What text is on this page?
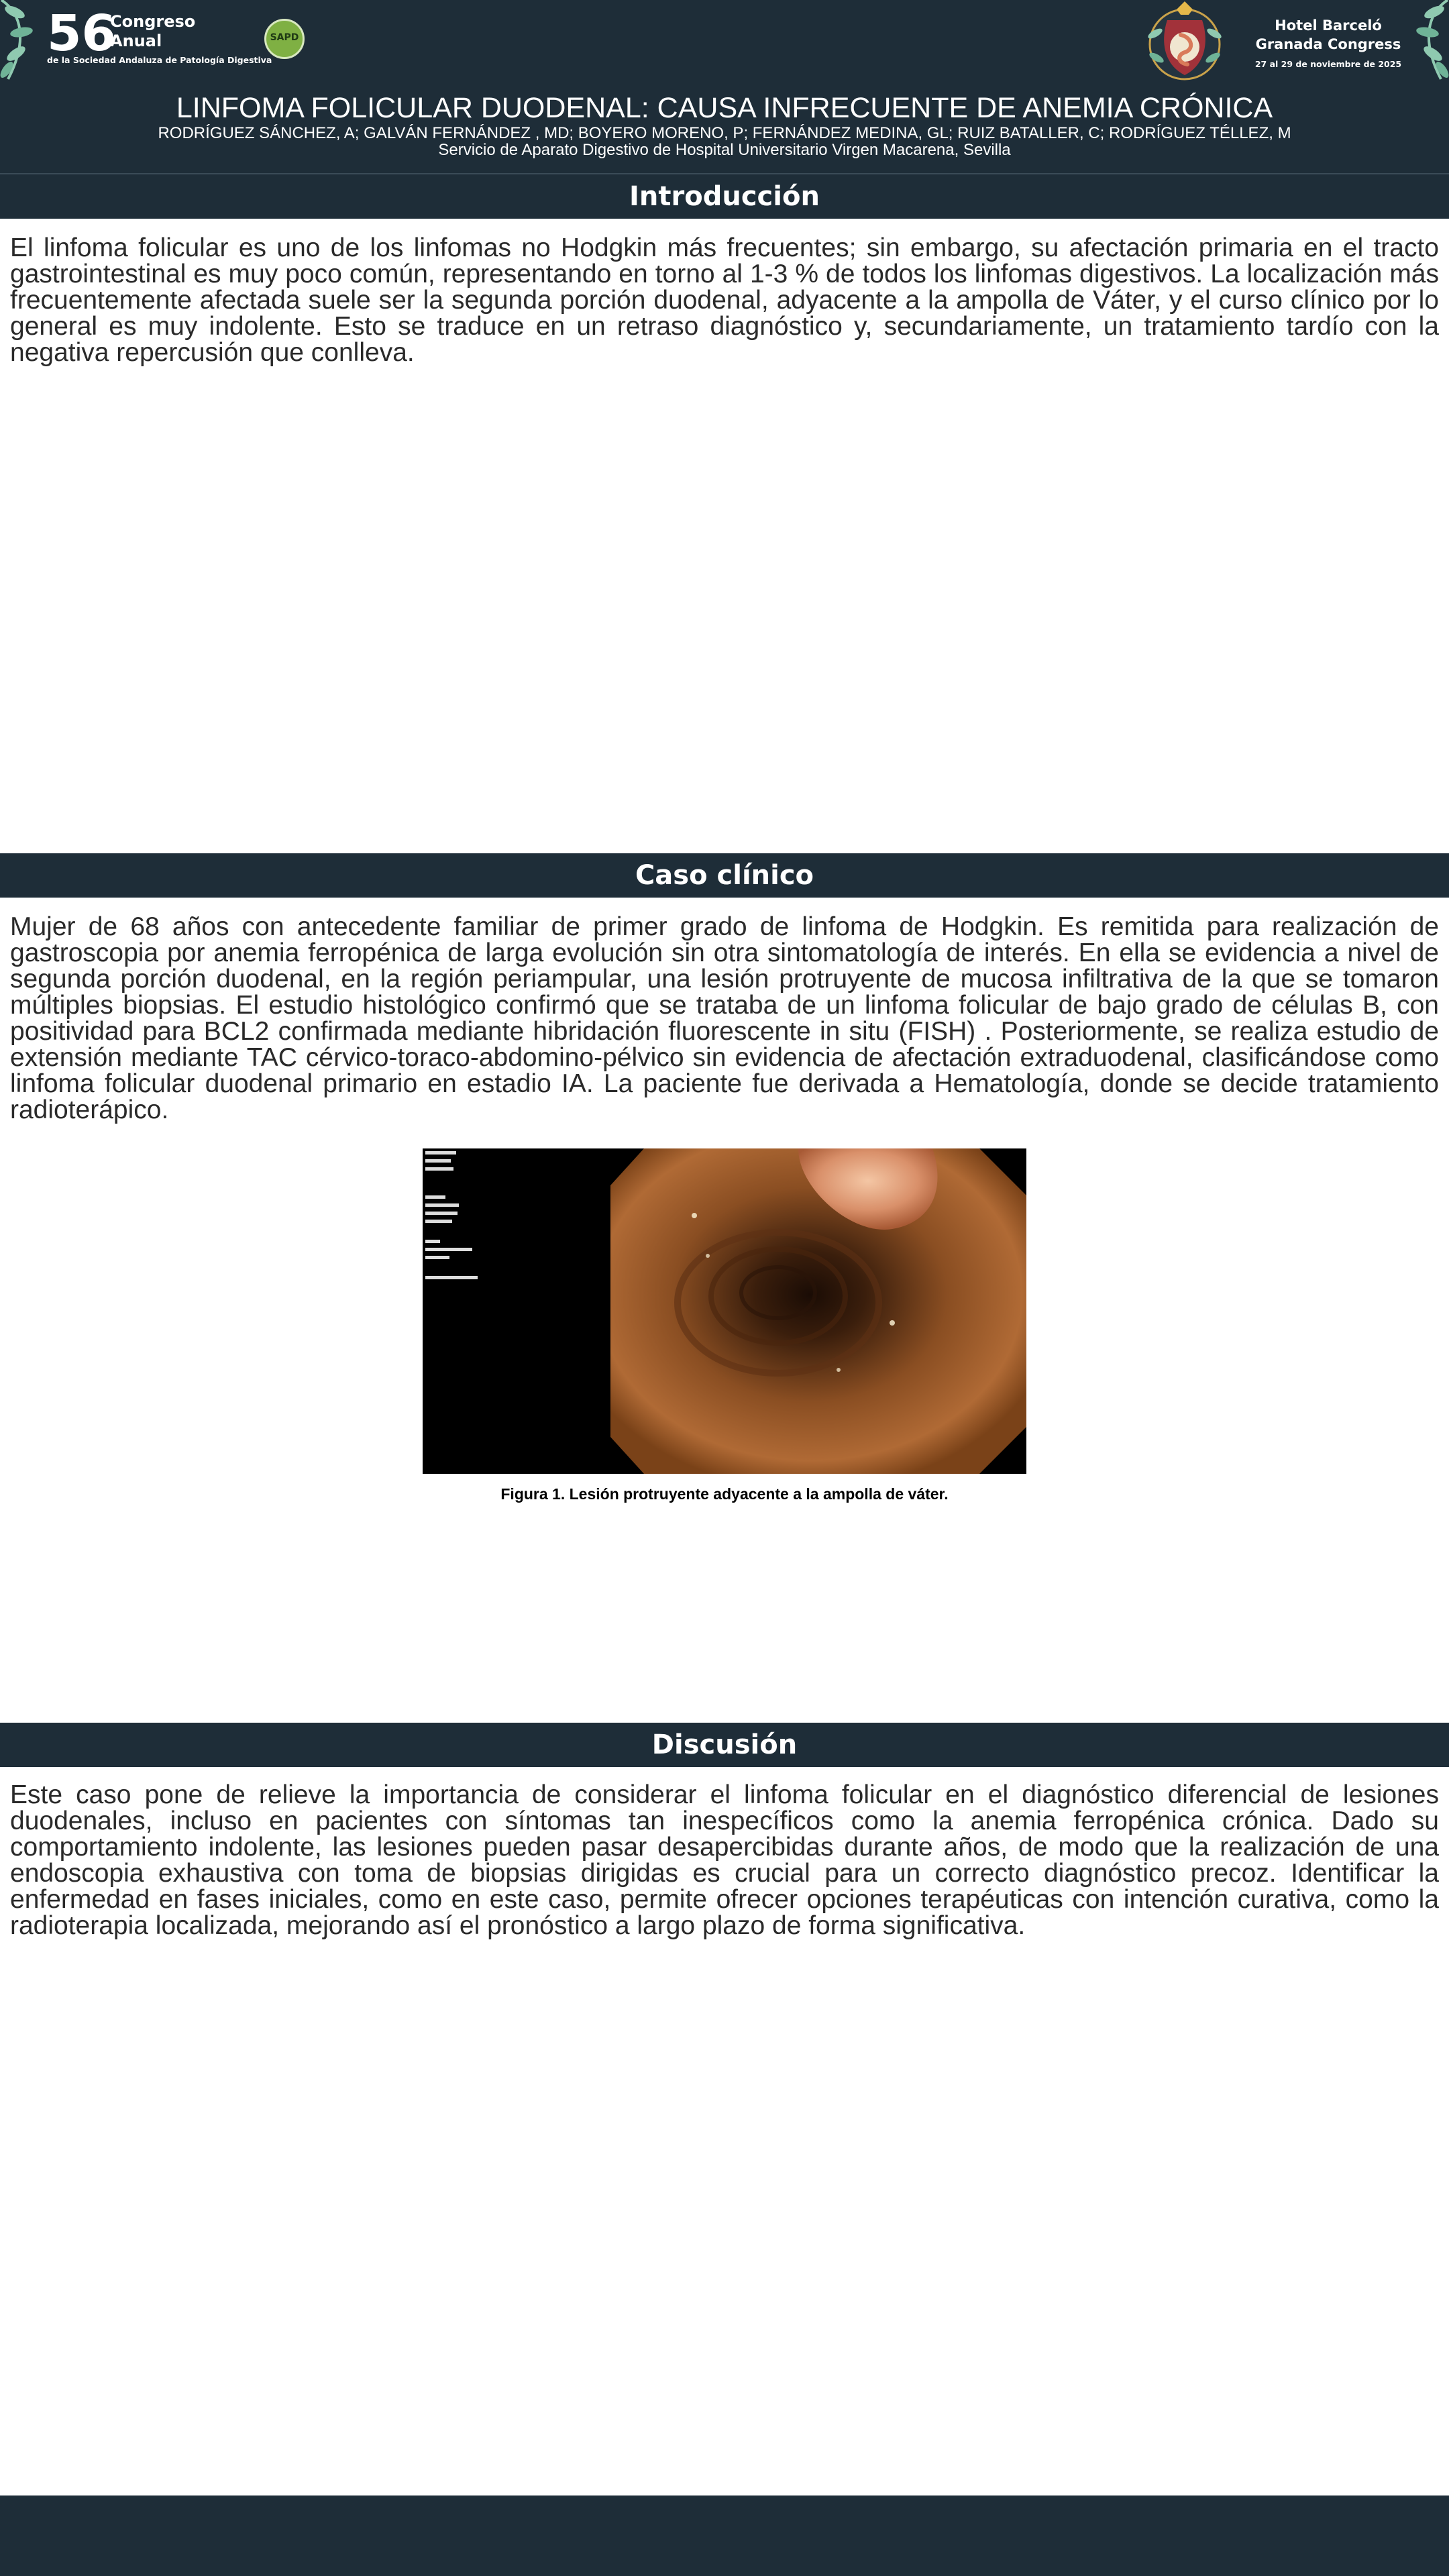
56
Congreso
Anual
de la Sociedad Andaluza de Patología Digestiva
SAPD
Hotel Barceló
Granada Congress
27 al 29 de noviembre de 2025
LINFOMA FOLICULAR DUODENAL: CAUSA INFRECUENTE DE ANEMIA CRÓNICA
RODRÍGUEZ SÁNCHEZ, A; GALVÁN FERNÁNDEZ , MD; BOYERO MORENO, P; FERNÁNDEZ MEDINA, GL; RUIZ BATALLER, C; RODRÍGUEZ TÉLLEZ, M
Servicio de Aparato Digestivo de Hospital Universitario Virgen Macarena, Sevilla
Introducción

El linfoma folicular es uno de los linfomas no Hodgkin más frecuentes; sin embargo, su afectación primaria en el tracto gastrointestinal es muy poco común, representando en torno al 1-3 % de todos los linfomas digestivos. La localización más frecuentemente afectada suele ser la segunda porción duodenal, adyacente a la ampolla de Váter, y el curso clínico por lo general es muy indolente. Esto se traduce en un retraso diagnóstico y, secundariamente, un tratamiento tardío con la negativa repercusión que conlleva.

Caso clínico

Mujer de 68 años con antecedente familiar de primer grado de linfoma de Hodgkin. Es remitida para realización de gastroscopia por anemia ferropénica de larga evolución sin otra sintomatología de interés. En ella se evidencia a nivel de segunda porción duodenal, en la región periampular, una lesión protruyente de mucosa infiltrativa de la que se tomaron múltiples biopsias. El estudio histológico confirmó que se trataba de un linfoma folicular de bajo grado de células B, con positividad para BCL2 confirmada mediante hibridación fluorescente in situ (FISH) . Posteriormente, se realiza estudio de extensión mediante TAC cérvico-toraco-abdomino-pélvico sin evidencia de afectación extraduodenal, clasificándose como linfoma folicular duodenal primario en estadio IA. La paciente fue derivada a Hematología, donde se decide tratamiento radioterápico.

Figura 1. Lesión protruyente adyacente a la ampolla de váter.
Discusión

Este caso pone de relieve la importancia de considerar el linfoma folicular en el diagnóstico diferencial de lesiones duodenales, incluso en pacientes con síntomas tan inespecíficos como la anemia ferropénica crónica. Dado su comportamiento indolente, las lesiones pueden pasar desapercibidas durante años, de modo que la realización de una endoscopia exhaustiva con toma de biopsias dirigidas es crucial para un correcto diagnóstico precoz. Identificar la enfermedad en fases iniciales, como en este caso, permite ofrecer opciones terapéuticas con intención curativa, como la radioterapia localizada, mejorando así el pronóstico a largo plazo de forma significativa.
